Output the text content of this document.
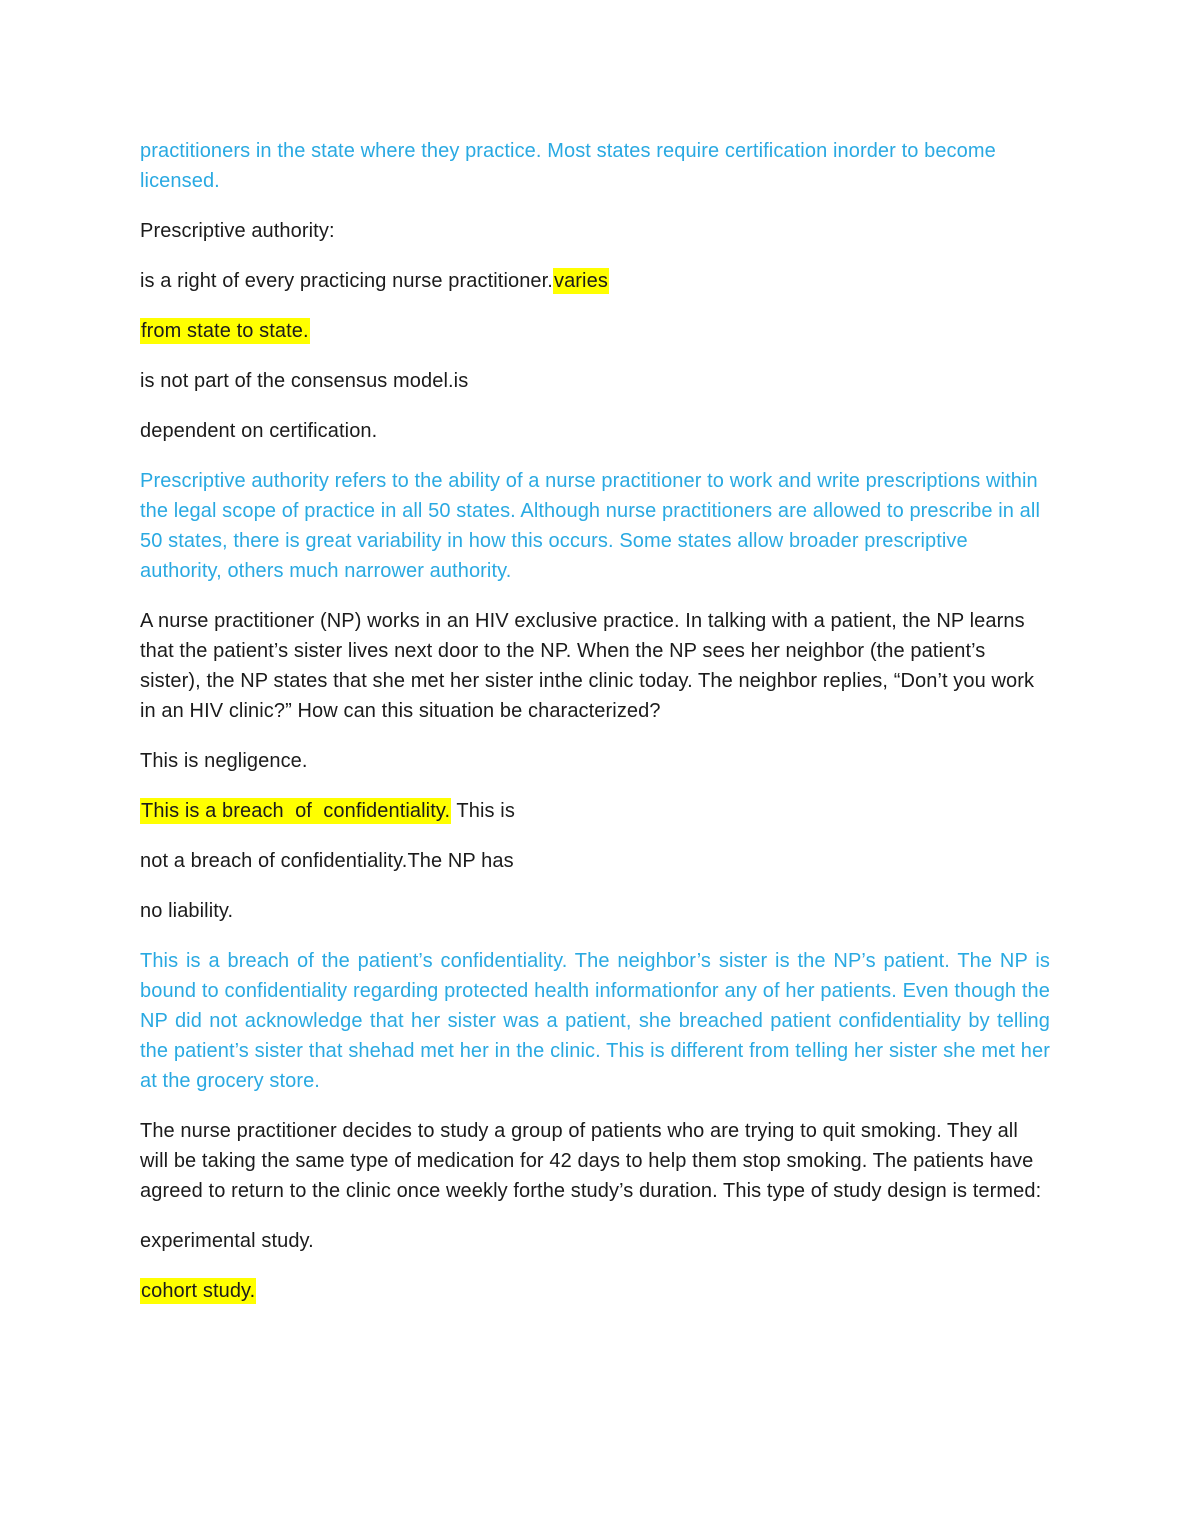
practitioners in the state where they practice. Most states require certification inorder to become licensed.

Prescriptive authority:

is a right of every practicing nurse practitioner.varies

from state to state.

is not part of the consensus model.is

dependent on certification.

Prescriptive authority refers to the ability of a nurse practitioner to work and write prescriptions within the legal scope of practice in all 50 states. Although nurse practitioners are allowed to prescribe in all 50 states, there is great variability in how this occurs. Some states allow broader prescriptive authority, others much narrower authority.

A nurse practitioner (NP) works in an HIV exclusive practice. In talking with a patient, the NP learns that the patient’s sister lives next door to the NP. When the NP sees her neighbor (the patient’s sister), the NP states that she met her sister inthe clinic today. The neighbor replies, “Don’t you work in an HIV clinic?” How can this situation be characterized?

This is negligence.

This is a breach  of  confidentiality. This is

not a breach of confidentiality.The NP has

no liability.

This is a breach of the patient’s confidentiality. The neighbor’s sister is the NP’s patient. The NP is bound to confidentiality regarding protected health informationfor any of her patients. Even though the NP did not acknowledge that her sister was a patient, she breached patient confidentiality by telling the patient’s sister that shehad met her in the clinic. This is different from telling her sister she met her at the grocery store.

The nurse practitioner decides to study a group of patients who are trying to quit smoking. They all will be taking the same type of medication for 42 days to help them stop smoking. The patients have agreed to return to the clinic once weekly forthe study’s duration. This type of study design is termed:

experimental study.

cohort study.
